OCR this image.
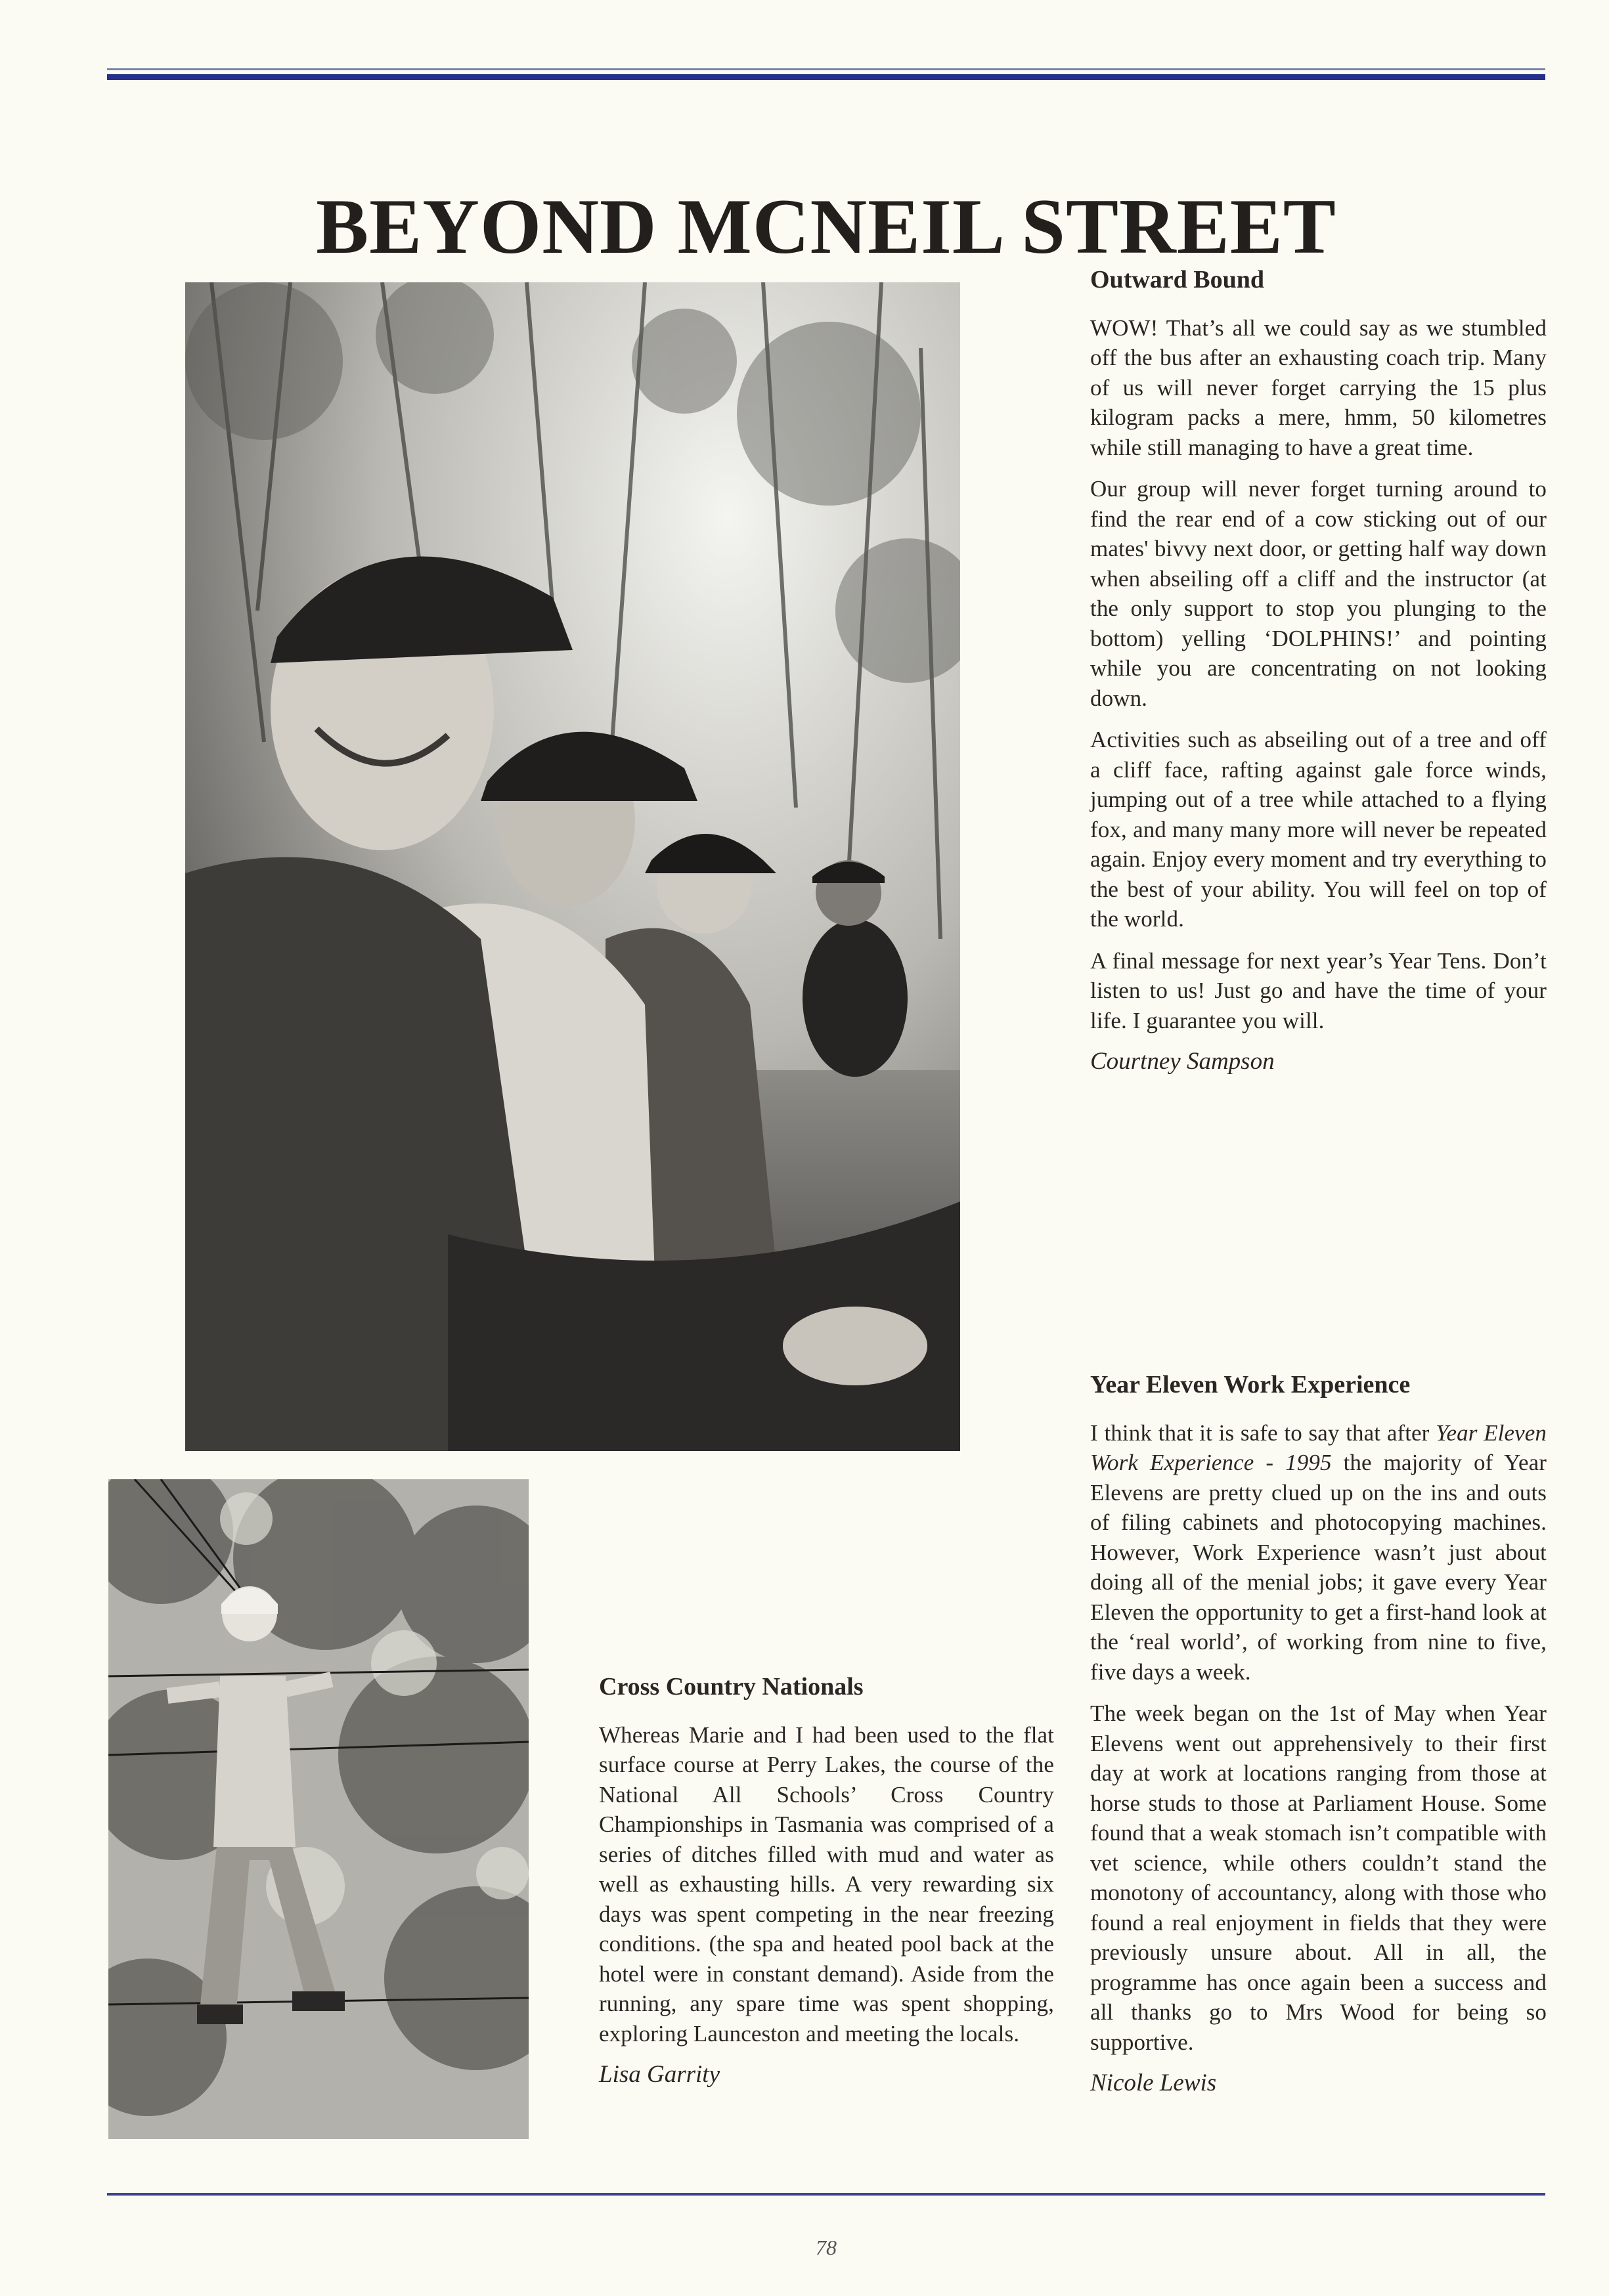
BEYOND MCNEIL STREET
Outward Bound

WOW! That’s all we could say as we stumbled off the bus after an exhausting coach trip. Many of us will never forget carrying the 15 plus kilogram packs a mere, hmm, 50 kilometres while still managing to have a great time.

Our group will never forget turning around to find the rear end of a cow sticking out of our mates' bivvy next door, or getting half way down when abseiling off a cliff and the instructor (at the only support to stop you plunging to the bottom) yelling ‘DOLPHINS!’ and pointing while you are concentrating on not looking down.

Activities such as abseiling out of a tree and off a cliff face, rafting against gale force winds, jumping out of a tree while attached to a flying fox, and many many more will never be repeated again. Enjoy every moment and try everything to the best of your ability. You will feel on top of the world.

A final message for next year’s Year Tens. Don’t listen to us! Just go and have the time of your life. I guarantee you will.

Courtney Sampson

Cross Country Nationals

Whereas Marie and I had been used to the flat surface course at Perry Lakes, the course of the National All Schools’ Cross Country Championships in Tasmania was comprised of a series of ditches filled with mud and water as well as exhausting hills. A very rewarding six days was spent competing in the near freezing conditions. (the spa and heated pool back at the hotel were in constant demand). Aside from the running, any spare time was spent shopping, exploring Launceston and meeting the locals.

Lisa Garrity

Year Eleven Work Experience

I think that it is safe to say that after Year Eleven Work Experience - 1995 the majority of Year Elevens are pretty clued up on the ins and outs of filing cabinets and photocopying machines. However, Work Experience wasn’t just about doing all of the menial jobs; it gave every Year Eleven the opportunity to get a first-hand look at the ‘real world’, of working from nine to five, five days a week.

The week began on the 1st of May when Year Elevens went out apprehensively to their first day at work at locations ranging from those at horse studs to those at Parliament House. Some found that a weak stomach isn’t compatible with vet science, while others couldn’t stand the monotony of accountancy, along with those who found a real enjoyment in fields that they were previously unsure about. All in all, the programme has once again been a success and all thanks go to Mrs Wood for being so supportive.

Nicole Lewis

78
